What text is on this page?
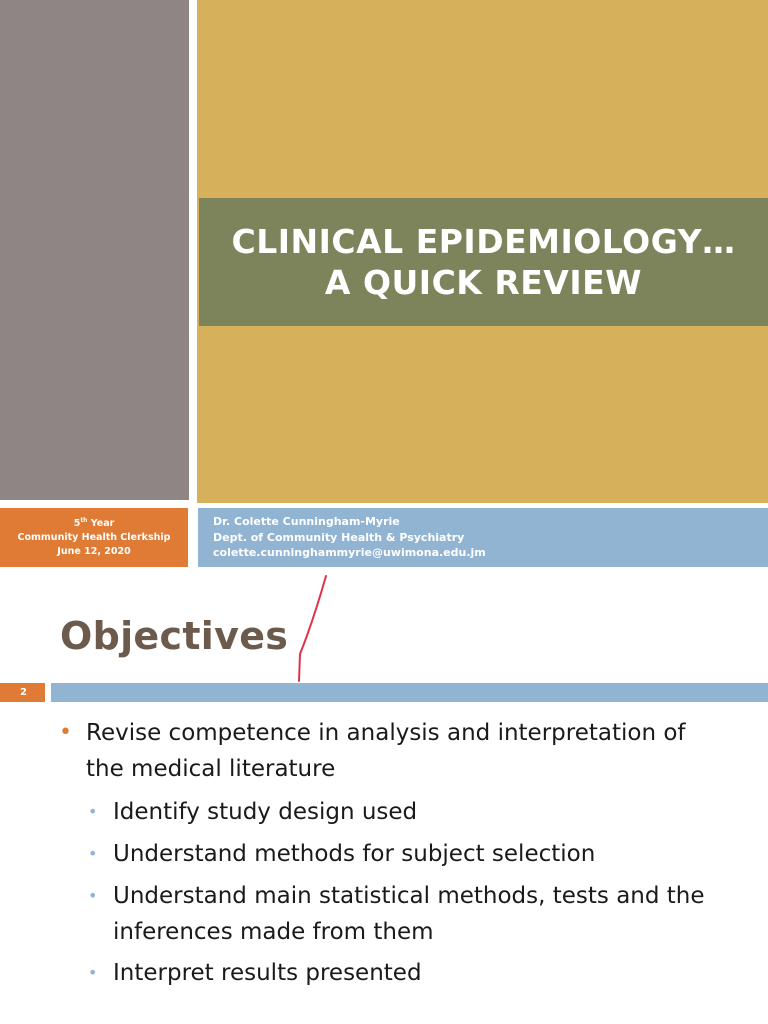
CLINICAL EPIDEMIOLOGY…
A QUICK REVIEW
5th Year
Community Health Clerkship
June 12, 2020
Dr. Colette Cunningham-Myrie
Dept. of Community Health & Psychiatry
colette.cunninghammyrie@uwimona.edu.jm
Objectives
2
• Revise competence in analysis and interpretation of
the medical literature
• Identify study design used
• Understand methods for subject selection
• Understand main statistical methods, tests and the
inferences made from them
• Interpret results presented
